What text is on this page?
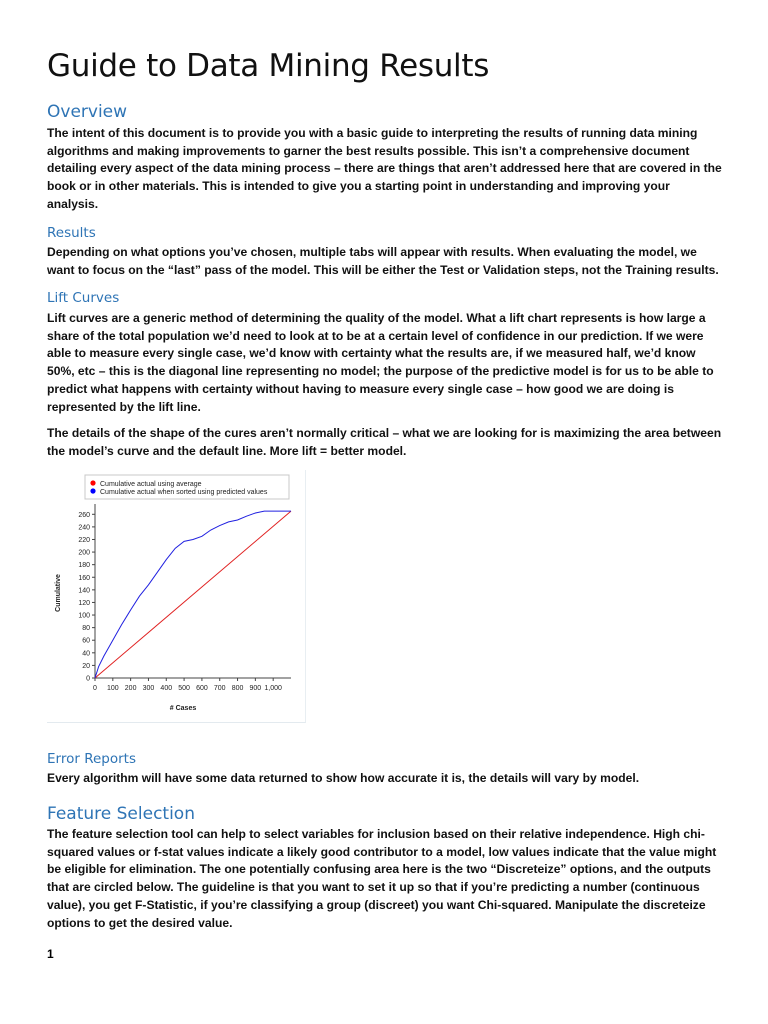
Guide to Data Mining Results
Overview

The intent of this document is to provide you with a basic guide to interpreting the results of running data mining algorithms and making improvements to garner the best results possible. This isn’t a comprehensive document detailing every aspect of the data mining process – there are things that aren’t addressed here that are covered in the book or in other materials. This is intended to give you a starting point in understanding and improving your analysis.

Results

Depending on what options you’ve chosen, multiple tabs will appear with results. When evaluating the model, we want to focus on the “last” pass of the model. This will be either the Test or Validation steps, not the Training results.

Lift Curves

Lift curves are a generic method of determining the quality of the model. What a lift chart represents is how large a share of the total population we’d need to look at to be at a certain level of confidence in our prediction. If we were able to measure every single case, we’d know with certainty what the results are, if we measured half, we’d know 50%, etc – this is the diagonal line representing no model; the purpose of the predictive model is for us to be able to predict what happens with certainty without having to measure every single case – how good we are doing is represented by the lift line.

The details of the shape of the cures aren’t normally critical – what we are looking for is maximizing the area between the model’s curve and the default line. More lift = better model.

Cumulative actual using average
Cumulative actual when sorted using predicted values
0
20
40
60
80
100
120
140
160
180
200
220
240
260
0 100 200 300 400 500 600 700 800 900 1,000
# Cases
Cumulative
Error Reports

Every algorithm will have some data returned to show how accurate it is, the details will vary by model.

Feature Selection

The feature selection tool can help to select variables for inclusion based on their relative independence. High chi-squared values or f-stat values indicate a likely good contributor to a model, low values indicate that the value might be eligible for elimination. The one potentially confusing area here is the two “Discreteize” options, and the outputs that are circled below. The guideline is that you want to set it up so that if you’re predicting a number (continuous value), you get F-Statistic, if you’re classifying a group (discreet) you want Chi-squared. Manipulate the discreteize options to get the desired value.

1
